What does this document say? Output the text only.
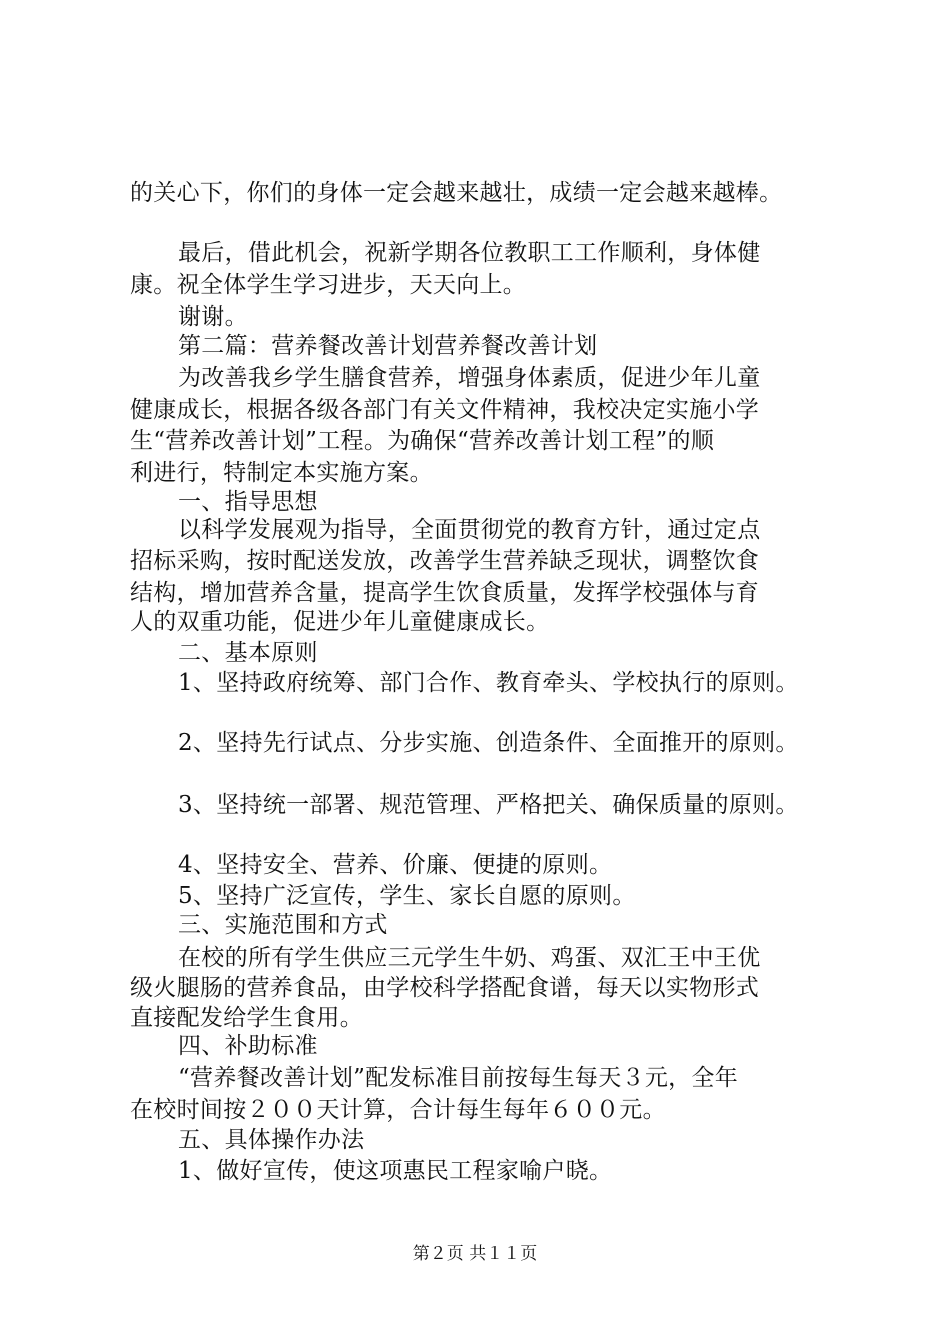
的关心下，你们的身体一定会越来越壮，成绩一定会越来越棒。
最后，借此机会，祝新学期各位教职工工作顺利，身体健
康。祝全体学生学习进步，天天向上。
谢谢。
第二篇：营养餐改善计划营养餐改善计划
为改善我乡学生膳食营养，增强身体素质，促进少年儿童
健康成长，根据各级各部门有关文件精神，我校决定实施小学
生“营养改善计划”工程。为确保“营养改善计划工程”的顺
利进行，特制定本实施方案。
一、指导思想
以科学发展观为指导，全面贯彻党的教育方针，通过定点
招标采购，按时配送发放，改善学生营养缺乏现状，调整饮食
结构，增加营养含量，提高学生饮食质量，发挥学校强体与育
人的双重功能，促进少年儿童健康成长。
二、基本原则
1、坚持政府统筹、部门合作、教育牵头、学校执行的原则。
2、坚持先行试点、分步实施、创造条件、全面推开的原则。
3、坚持统一部署、规范管理、严格把关、确保质量的原则。
4、坚持安全、营养、价廉、便捷的原则。
5、坚持广泛宣传，学生、家长自愿的原则。
三、实施范围和方式
在校的所有学生供应三元学生牛奶、鸡蛋、双汇王中王优
级火腿肠的营养食品，由学校科学搭配食谱，每天以实物形式
直接配发给学生食用。
四、补助标准
“营养餐改善计划”配发标准目前按每生每天３元，全年
在校时间按２００天计算，合计每生每年６００元。
五、具体操作办法
1、做好宣传，使这项惠民工程家喻户晓。
第２页 共１１页
